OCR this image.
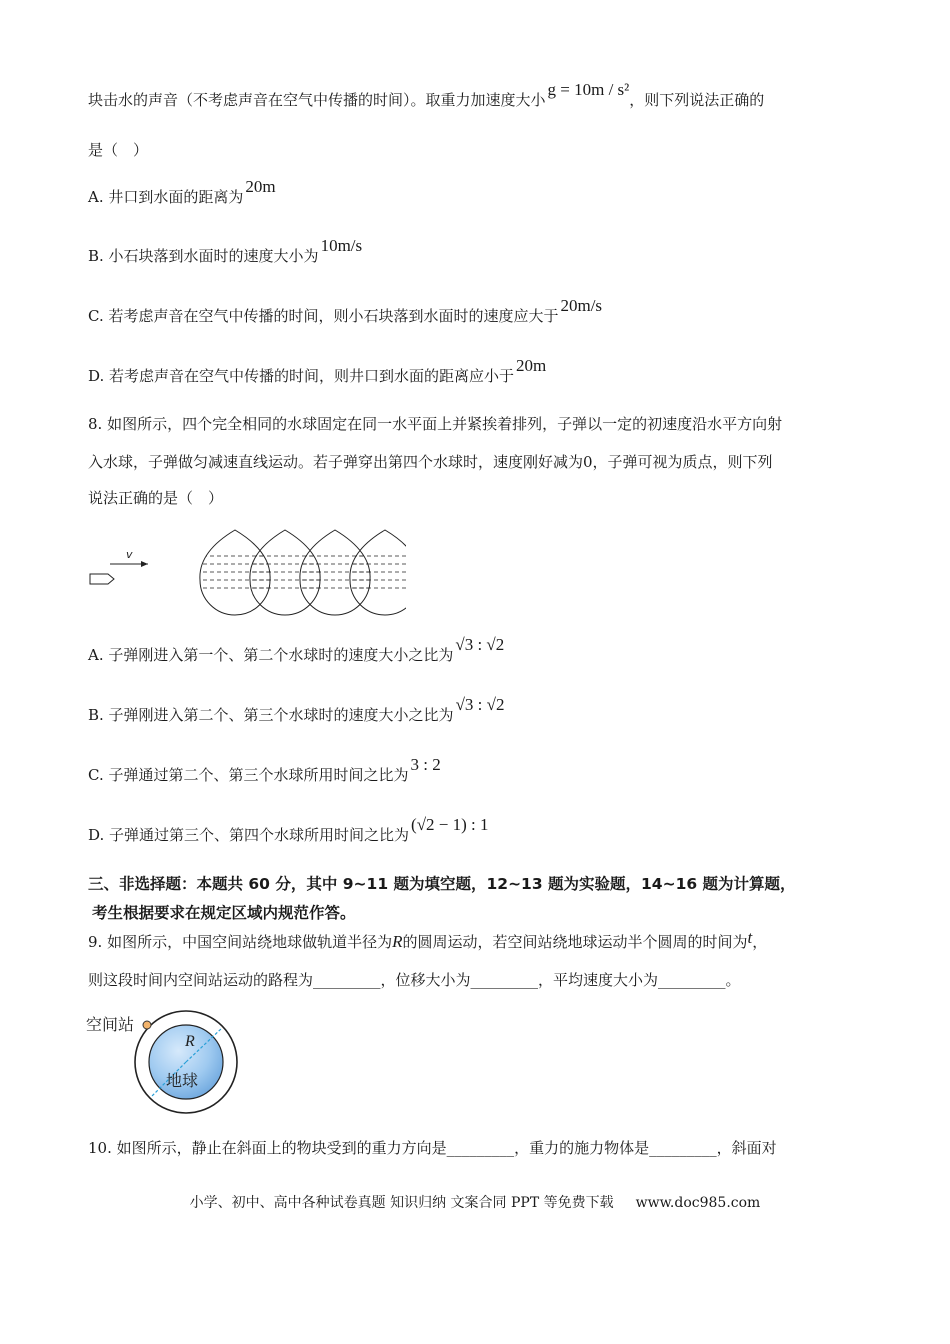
块击水的声音（不考虑声音在空气中传播的时间）。取重力加速度大小g = 10m / s²，则下列说法正确的
是（　）
A. 井口到水面的距离为20m
B. 小石块落到水面时的速度大小为10m/s
C. 若考虑声音在空气中传播的时间，则小石块落到水面时的速度应大于20m/s
D. 若考虑声音在空气中传播的时间，则井口到水面的距离应小于20m
8. 如图所示，四个完全相同的水球固定在同一水平面上并紧挨着排列，子弹以一定的初速度沿水平方向射
入水球，子弹做匀减速直线运动。若子弹穿出第四个水球时，速度刚好减为0，子弹可视为质点，则下列
说法正确的是（　）
v
A. 子弹刚进入第一个、第二个水球时的速度大小之比为√3 : √2
B. 子弹刚进入第二个、第三个水球时的速度大小之比为√3 : √2
C. 子弹通过第二个、第三个水球所用时间之比为3 : 2
D. 子弹通过第三个、第四个水球所用时间之比为(√2 − 1) : 1
三、非选择题：本题共 60 分，其中 9~11 题为填空题，12~13 题为实验题，14~16 题为计算题，
考生根据要求在规定区域内规范作答。
9. 如图所示，中国空间站绕地球做轨道半径为R的圆周运动，若空间站绕地球运动半个圆周的时间为t，
则这段时间内空间站运动的路程为_________，位移大小为_________，平均速度大小为_________。
空间站
R
地球
10. 如图所示，静止在斜面上的物块受到的重力方向是_________，重力的施力物体是_________，斜面对
小学、初中、高中各种试卷真题 知识归纳 文案合同 PPT 等免费下载 www.doc985.com
